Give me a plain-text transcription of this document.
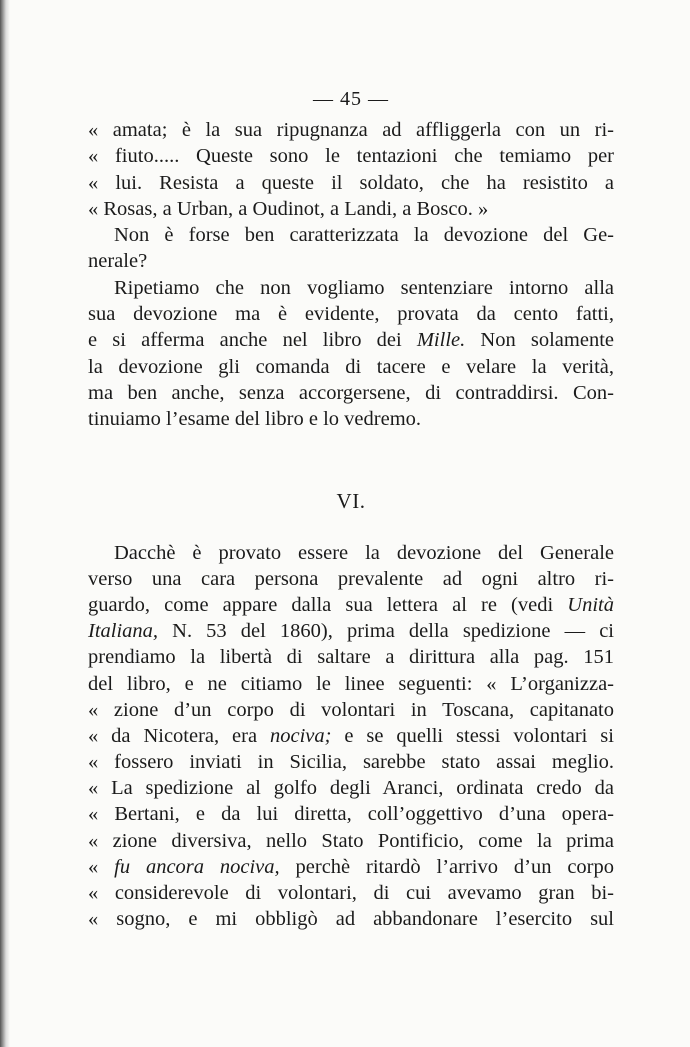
— 45 —
« amata; è la sua ripugnanza ad affliggerla con un ri-
« fiuto..... Queste sono le tentazioni che temiamo per
« lui. Resista a queste il soldato, che ha resistito a
« Rosas, a Urban, a Oudinot, a Landi, a Bosco. »
Non è forse ben caratterizzata la devozione del Ge-
nerale?
Ripetiamo che non vogliamo sentenziare intorno alla
sua devozione ma è evidente, provata da cento fatti,
e si afferma anche nel libro dei Mille. Non solamente
la devozione gli comanda di tacere e velare la verità,
ma ben anche, senza accorgersene, di contraddirsi. Con-
tinuiamo l’esame del libro e lo vedremo.
VI.
Dacchè è provato essere la devozione del Generale
verso una cara persona prevalente ad ogni altro ri-
guardo, come appare dalla sua lettera al re (vedi Unità
Italiana, N. 53 del 1860), prima della spedizione — ci
prendiamo la libertà di saltare a dirittura alla pag. 151
del libro, e ne citiamo le linee seguenti: « L’organizza-
« zione d’un corpo di volontari in Toscana, capitanato
« da Nicotera, era nociva; e se quelli stessi volontari si
« fossero inviati in Sicilia, sarebbe stato assai meglio.
« La spedizione al golfo degli Aranci, ordinata credo da
« Bertani, e da lui diretta, coll’oggettivo d’una opera-
« zione diversiva, nello Stato Pontificio, come la prima
« fu ancora nociva, perchè ritardò l’arrivo d’un corpo
« considerevole di volontari, di cui avevamo gran bi-
« sogno, e mi obbligò ad abbandonare l’esercito sul
